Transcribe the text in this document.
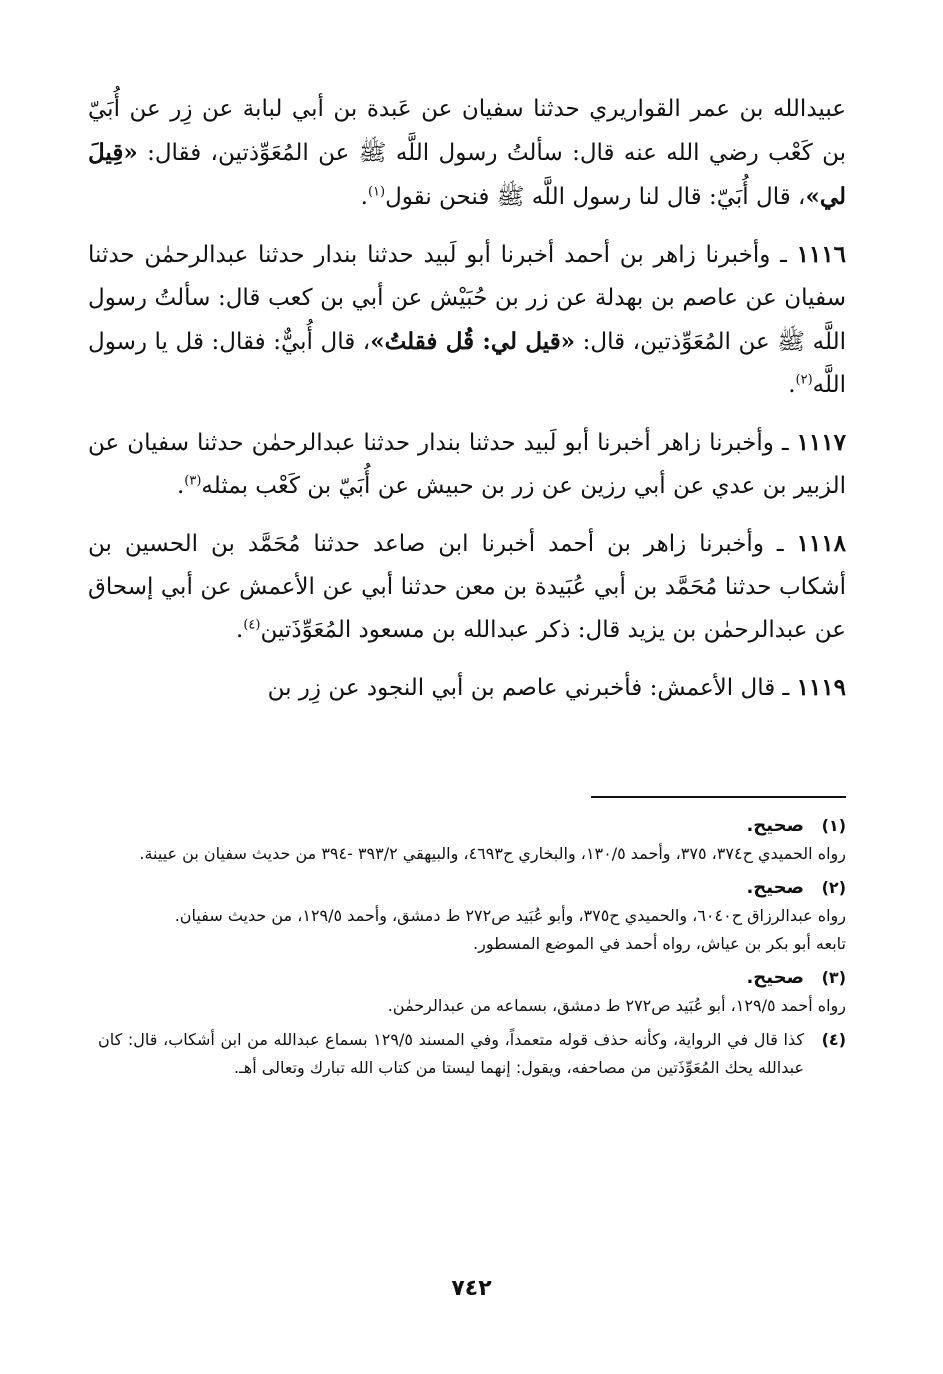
عبيدالله بن عمر القواريري حدثنا سفيان عن عَبدة بن أبي لبابة عن زِر عن أُبَيّ بن كَعْب رضي الله عنه قال: سألتُ رسول اللَّه ﷺ عن المُعَوِّذتين، فقال: «قِيلَ لي»، قال أُبَيّ: قال لنا رسول اللَّه ﷺ فنحن نقول$^{(١)}$.

١١١٦ ـ وأخبرنا زاهر بن أحمد أخبرنا أبو لَبيد حدثنا بندار حدثنا عبدالرحمٰن حدثنا سفيان عن عاصم بن بهدلة عن زر بن حُبَيْش عن أبي بن كعب قال: سألتُ رسول اللَّه ﷺ عن المُعَوِّذتين، قال: «قيل لي: قُل فقلتُ»، قال أُبيٌّ: فقال: قل يا رسول اللَّه$^{(٢)}$.

١١١٧ ـ وأخبرنا زاهر أخبرنا أبو لَبيد حدثنا بندار حدثنا عبدالرحمٰن حدثنا سفيان عن الزبير بن عدي عن أبي رزين عن زر بن حبيش عن أُبَيّ بن كَعْب بمثله$^{(٣)}$.

١١١٨ ـ وأخبرنا زاهر بن أحمد أخبرنا ابن صاعد حدثنا مُحَمَّد بن الحسين بن أشكاب حدثنا مُحَمَّد بن أبي عُبَيدة بن معن حدثنا أبي عن الأعمش عن أبي إسحاق عن عبدالرحمٰن بن يزيد قال: ذكر عبدالله بن مسعود المُعَوِّذَتين$^{(٤)}$.

١١١٩ ـ قال الأعمش: فأخبرني عاصم بن أبي النجود عن زِر بن

(١)
صحيح.
رواه الحميدي ح٣٧٤، ٣٧٥، وأحمد ١٣٠/٥، والبخاري ح٤٦٩٣، والبيهقي ٣٩٣/٢ -٣٩٤ من حديث سفيان بن عيينة.
(٢)
صحيح.
رواه عبدالرزاق ح٦٠٤٠، والحميدي ح٣٧٥، وأبو عُبَيد ص٢٧٢ ط دمشق، وأحمد ١٢٩/٥، من حديث سفيان.
تابعه أبو بكر بن عياش، رواه أحمد في الموضع المسطور.
(٣)
صحيح.
رواه أحمد ١٢٩/٥، أبو عُبَيد ص٢٧٢ ط دمشق، بسماعه من عبدالرحمٰن.
(٤)
كذا قال في الرواية، وكأنه حذف قوله متعمداً، وفي المسند ١٢٩/٥ بسماع عبدالله من ابن أشكاب، قال: كان عبدالله يحك المُعَوِّذَتين من مصاحفه، ويقول: إنهما ليستا من كتاب الله تبارك وتعالى أهـ.
٧٤٢
